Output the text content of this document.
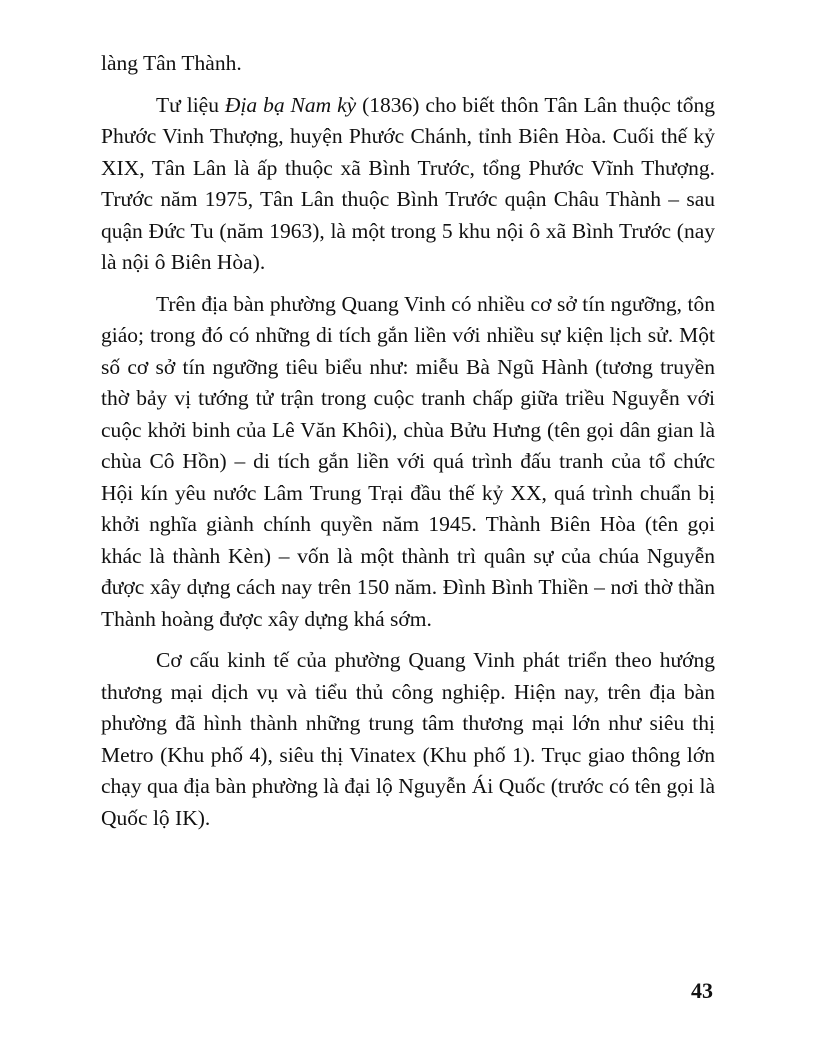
làng Tân Thành.

Tư liệu Địa bạ Nam kỳ (1836) cho biết thôn Tân Lân thuộc tổng Phước Vinh Thượng, huyện Phước Chánh, tỉnh Biên Hòa. Cuối thế kỷ XIX, Tân Lân là ấp thuộc xã Bình Trước, tổng Phước Vĩnh Thượng. Trước năm 1975, Tân Lân thuộc Bình Trước quận Châu Thành – sau quận Đức Tu (năm 1963), là một trong 5 khu nội ô xã Bình Trước (nay là nội ô Biên Hòa).

Trên địa bàn phường Quang Vinh có nhiều cơ sở tín ngưỡng, tôn giáo; trong đó có những di tích gắn liền với nhiều sự kiện lịch sử. Một số cơ sở tín ngưỡng tiêu biểu như: miễu Bà Ngũ Hành (tương truyền thờ bảy vị tướng tử trận trong cuộc tranh chấp giữa triều Nguyễn với cuộc khởi binh của Lê Văn Khôi), chùa Bửu Hưng (tên gọi dân gian là chùa Cô Hồn) – di tích gắn liền với quá trình đấu tranh của tổ chức Hội kín yêu nước Lâm Trung Trại đầu thế kỷ XX, quá trình chuẩn bị khởi nghĩa giành chính quyền năm 1945. Thành Biên Hòa (tên gọi khác là thành Kèn) – vốn là một thành trì quân sự của chúa Nguyễn được xây dựng cách nay trên 150 năm. Đình Bình Thiền – nơi thờ thần Thành hoàng được xây dựng khá sớm.

Cơ cấu kinh tế của phường Quang Vinh phát triển theo hướng thương mại dịch vụ và tiểu thủ công nghiệp. Hiện nay, trên địa bàn phường đã hình thành những trung tâm thương mại lớn như siêu thị Metro (Khu phố 4), siêu thị Vinatex (Khu phố 1). Trục giao thông lớn chạy qua địa bàn phường là đại lộ Nguyễn Ái Quốc (trước có tên gọi là Quốc lộ IK).

43
